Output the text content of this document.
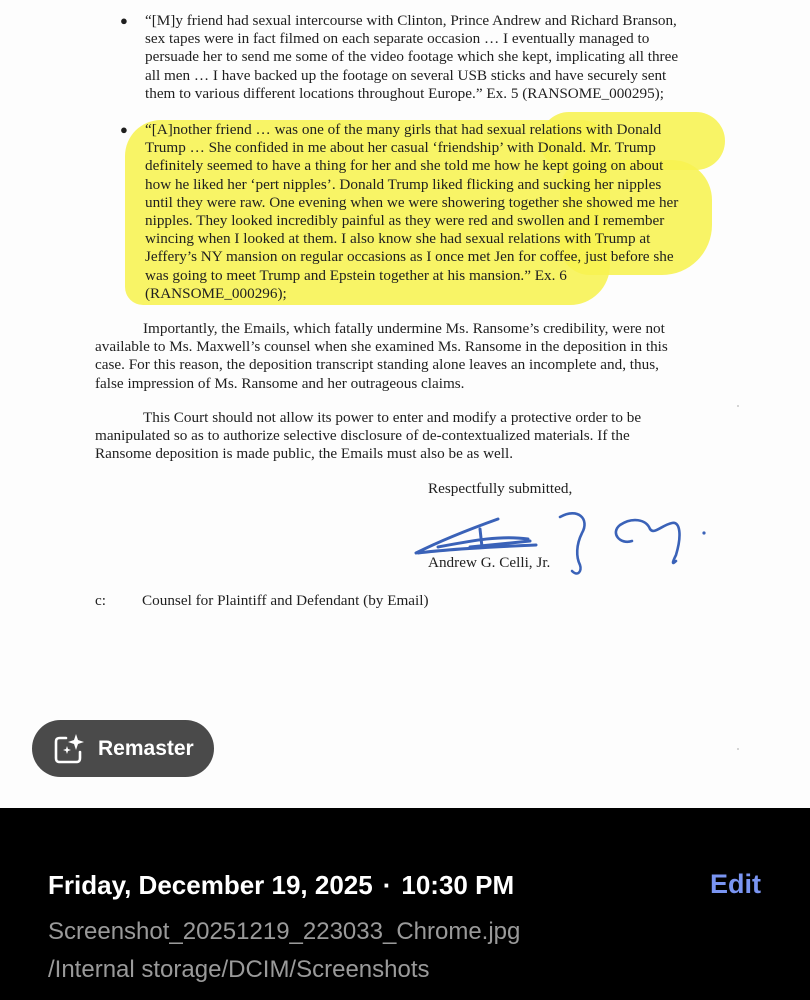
● “[M]y friend had sexual intercourse with Clinton, Prince Andrew and Richard Branson,
sex tapes were in fact filmed on each separate occasion … I eventually managed to
persuade her to send me some of the video footage which she kept, implicating all three
all men … I have backed up the footage on several USB sticks and have securely sent
them to various different locations throughout Europe.” Ex. 5 (RANSOME_000295);
● “[A]nother friend … was one of the many girls that had sexual relations with Donald
Trump … She confided in me about her casual ‘friendship’ with Donald. Mr. Trump
definitely seemed to have a thing for her and she told me how he kept going on about
how he liked her ‘pert nipples’. Donald Trump liked flicking and sucking her nipples
until they were raw. One evening when we were showering together she showed me her
nipples. They looked incredibly painful as they were red and swollen and I remember
wincing when I looked at them. I also know she had sexual relations with Trump at
Jeffery’s NY mansion on regular occasions as I once met Jen for coffee, just before she
was going to meet Trump and Epstein together at his mansion.” Ex. 6
(RANSOME_000296);
Importantly, the Emails, which fatally undermine Ms. Ransome’s credibility, were not
available to Ms. Maxwell’s counsel when she examined Ms. Ransome in the deposition in this
case. For this reason, the deposition transcript standing alone leaves an incomplete and, thus,
false impression of Ms. Ransome and her outrageous claims.
This Court should not allow its power to enter and modify a protective order to be
manipulated so as to authorize selective disclosure of de-contextualized materials. If the
Ransome deposition is made public, the Emails must also be as well.
Respectfully submitted,
Andrew G. Celli, Jr.
c: Counsel for Plaintiff and Defendant (by Email)
Remaster
Friday, December 19, 2025 · 10:30 PM	Edit
Screenshot_20251219_223033_Chrome.jpg
/Internal storage/DCIM/Screenshots
